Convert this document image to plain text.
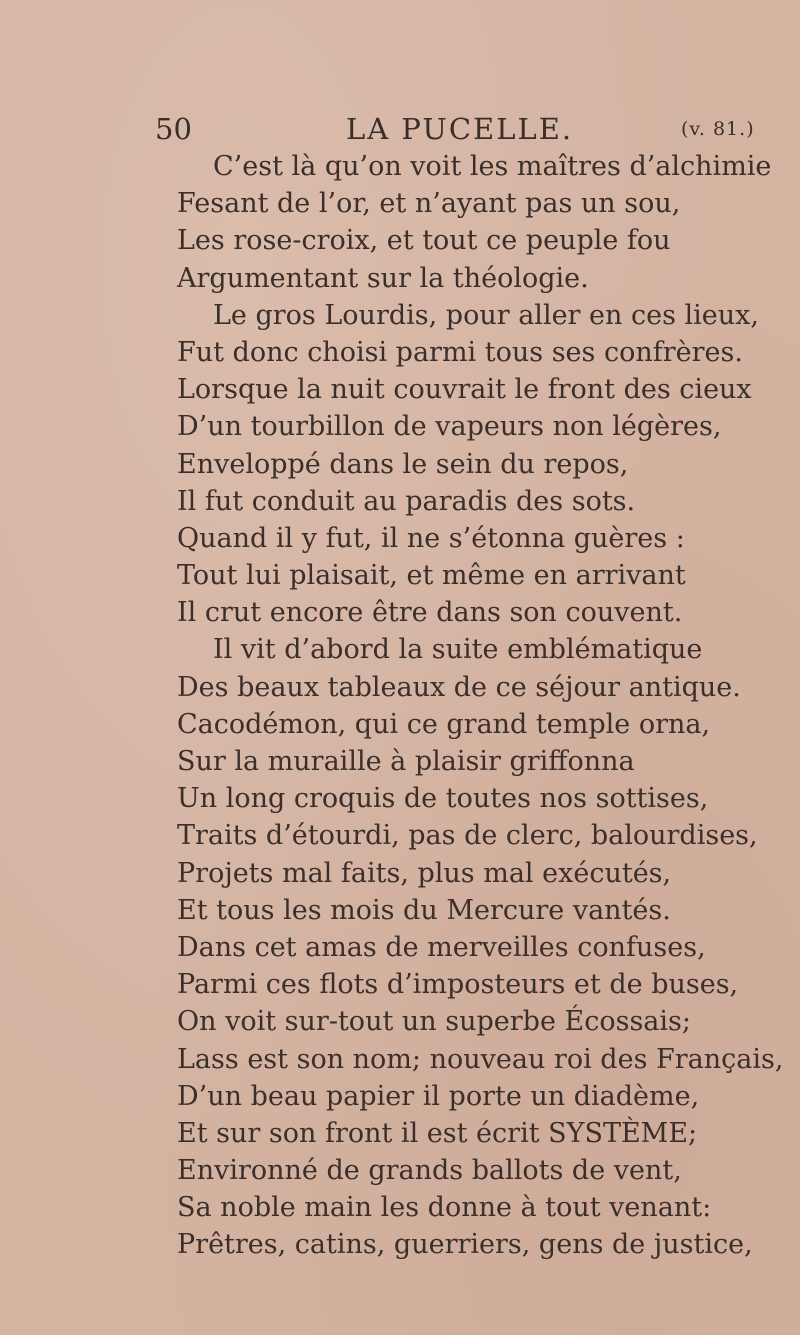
50	LA PUCELLE.	(v. 81.)
C’est là qu’on voit les maîtres d’alchimie
Fesant de l’or, et n’ayant pas un sou,
Les rose-croix, et tout ce peuple fou
Argumentant sur la théologie.
Le gros Lourdis, pour aller en ces lieux,
Fut donc choisi parmi tous ses confrères.
Lorsque la nuit couvrait le front des cieux
D’un tourbillon de vapeurs non légères,
Enveloppé dans le sein du repos,
Il fut conduit au paradis des sots.
Quand il y fut, il ne s’étonna guères :
Tout lui plaisait, et même en arrivant
Il crut encore être dans son couvent.
Il vit d’abord la suite emblématique
Des beaux tableaux de ce séjour antique.
Cacodémon, qui ce grand temple orna,
Sur la muraille à plaisir griffonna
Un long croquis de toutes nos sottises,
Traits d’étourdi, pas de clerc, balourdises,
Projets mal faits, plus mal exécutés,
Et tous les mois du Mercure vantés.
Dans cet amas de merveilles confuses,
Parmi ces flots d’imposteurs et de buses,
On voit sur-tout un superbe Écossais;
Lass est son nom; nouveau roi des Français,
D’un beau papier il porte un diadème,
Et sur son front il est écrit SYSTÈME;
Environné de grands ballots de vent,
Sa noble main les donne à tout venant:
Prêtres, catins, guerriers, gens de justice,
